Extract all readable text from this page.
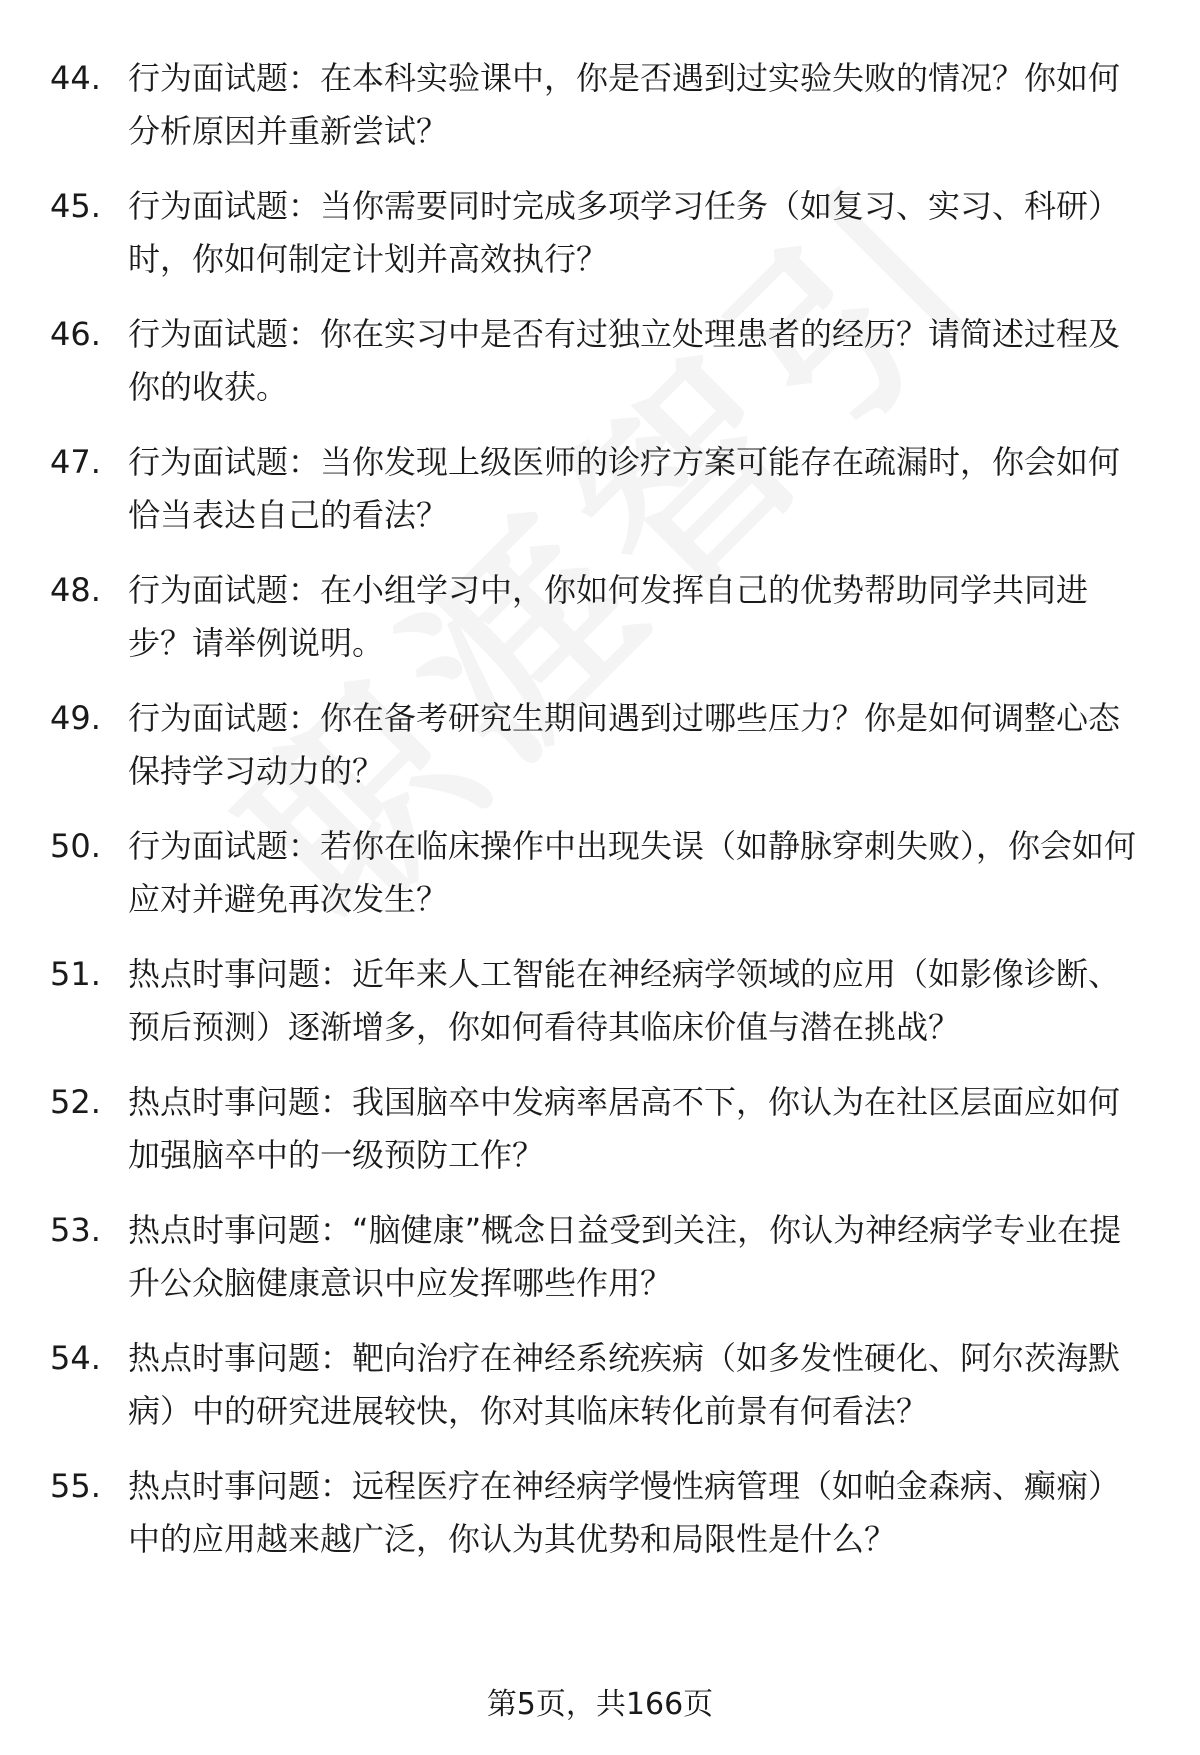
44. 行为面试题：在本科实验课中，你是否遇到过实验失败的情况？你如何分析原因并重新尝试？
45. 行为面试题：当你需要同时完成多项学习任务（如复习、实习、科研）时，你如何制定计划并高效执行？
46. 行为面试题：你在实习中是否有过独立处理患者的经历？请简述过程及你的收获。
47. 行为面试题：当你发现上级医师的诊疗方案可能存在疏漏时，你会如何恰当表达自己的看法？
48. 行为面试题：在小组学习中，你如何发挥自己的优势帮助同学共同进步？请举例说明。
49. 行为面试题：你在备考研究生期间遇到过哪些压力？你是如何调整心态保持学习动力的？
50. 行为面试题：若你在临床操作中出现失误（如静脉穿刺失败），你会如何应对并避免再次发生？
51. 热点时事问题：近年来人工智能在神经病学领域的应用（如影像诊断、预后预测）逐渐增多，你如何看待其临床价值与潜在挑战？
52. 热点时事问题：我国脑卒中发病率居高不下，你认为在社区层面应如何加强脑卒中的一级预防工作？
53. 热点时事问题：“脑健康”概念日益受到关注，你认为神经病学专业在提升公众脑健康意识中应发挥哪些作用？
54. 热点时事问题：靶向治疗在神经系统疾病（如多发性硬化、阿尔茨海默病）中的研究进展较快，你对其临床转化前景有何看法？
55. 热点时事问题：远程医疗在神经病学慢性病管理（如帕金森病、癫痫）中的应用越来越广泛，你认为其优势和局限性是什么？
第5页，共166页
